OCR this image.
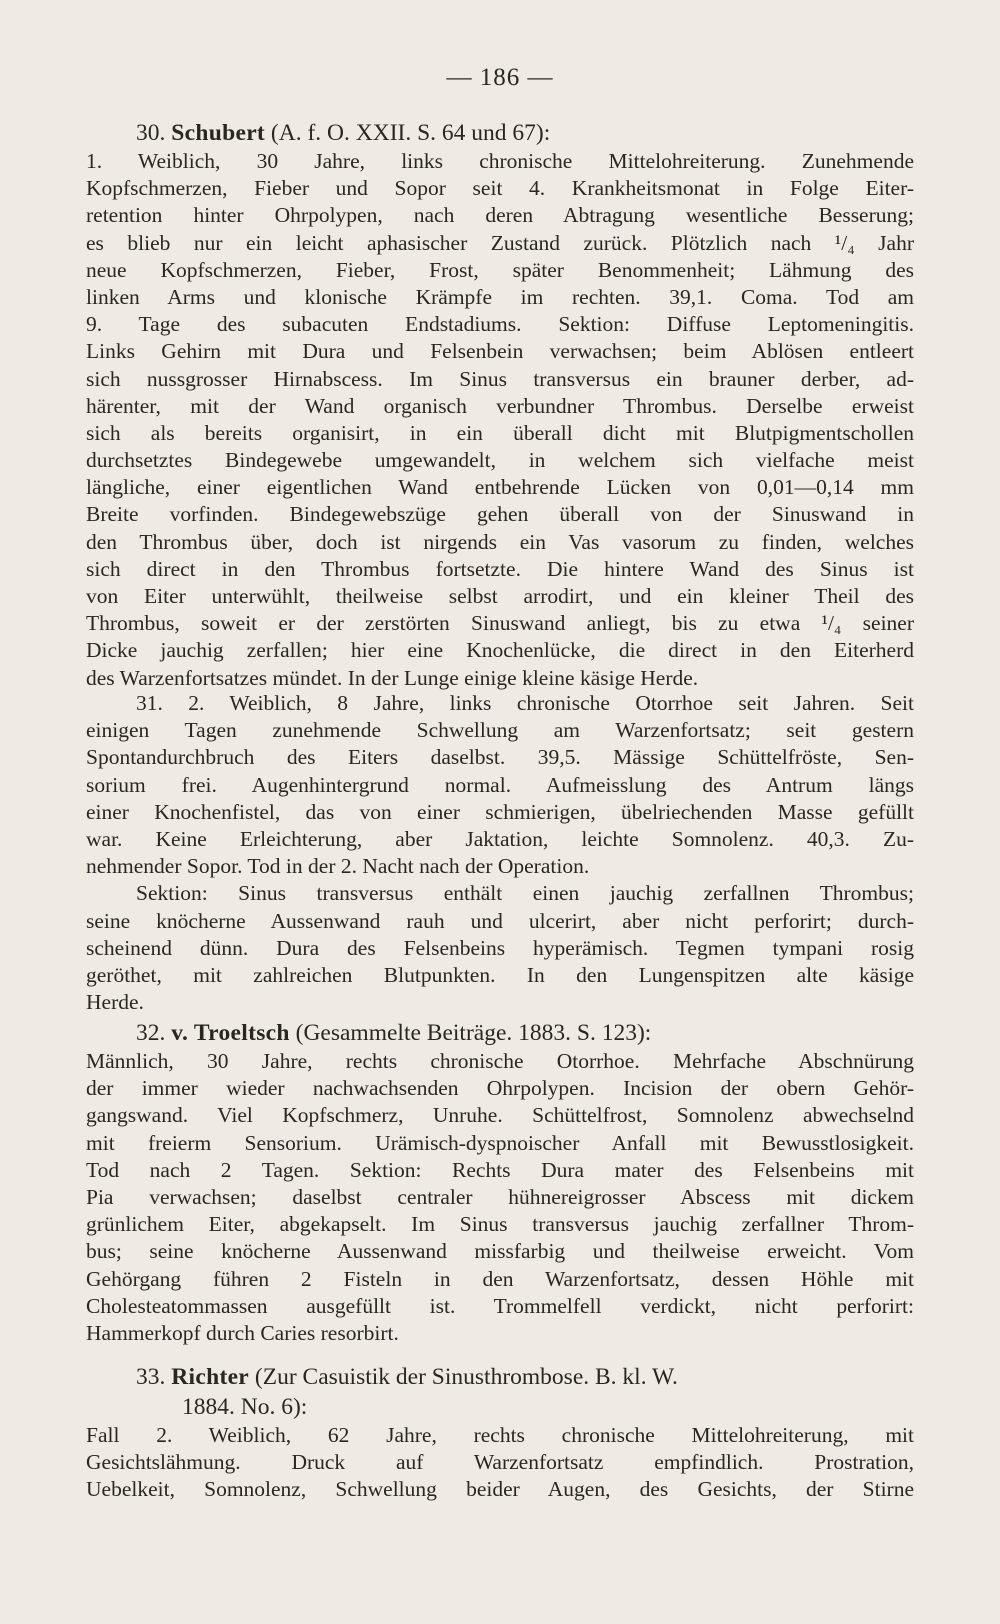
— 186 —
30. Schubert (A. f. O. XXII. S. 64 und 67):
1. Weiblich, 30 Jahre, links chronische Mittelohreiterung. Zunehmende
Kopfschmerzen, Fieber und Sopor seit 4. Krankheitsmonat in Folge Eiter-
retention hinter Ohrpolypen, nach deren Abtragung wesentliche Besserung;
es blieb nur ein leicht aphasischer Zustand zurück. Plötzlich nach ¹/₄ Jahr
neue Kopfschmerzen, Fieber, Frost, später Benommenheit; Lähmung des
linken Arms und klonische Krämpfe im rechten. 39,1. Coma. Tod am
9. Tage des subacuten Endstadiums. Sektion: Diffuse Leptomeningitis.
Links Gehirn mit Dura und Felsenbein verwachsen; beim Ablösen entleert
sich nussgrosser Hirnabscess. Im Sinus transversus ein brauner derber, ad-
härenter, mit der Wand organisch verbundner Thrombus. Derselbe erweist
sich als bereits organisirt, in ein überall dicht mit Blutpigmentschollen
durchsetztes Bindegewebe umgewandelt, in welchem sich vielfache meist
längliche, einer eigentlichen Wand entbehrende Lücken von 0,01—0,14 mm
Breite vorfinden. Bindegewebszüge gehen überall von der Sinuswand in
den Thrombus über, doch ist nirgends ein Vas vasorum zu finden, welches
sich direct in den Thrombus fortsetzte. Die hintere Wand des Sinus ist
von Eiter unterwühlt, theilweise selbst arrodirt, und ein kleiner Theil des
Thrombus, soweit er der zerstörten Sinuswand anliegt, bis zu etwa ¹/₄ seiner
Dicke jauchig zerfallen; hier eine Knochenlücke, die direct in den Eiterherd
des Warzenfortsatzes mündet. In der Lunge einige kleine käsige Herde.
31. 2. Weiblich, 8 Jahre, links chronische Otorrhoe seit Jahren. Seit
einigen Tagen zunehmende Schwellung am Warzenfortsatz; seit gestern
Spontandurchbruch des Eiters daselbst. 39,5. Mässige Schüttelfröste, Sen-
sorium frei. Augenhintergrund normal. Aufmeisslung des Antrum längs
einer Knochenfistel, das von einer schmierigen, übelriechenden Masse gefüllt
war. Keine Erleichterung, aber Jaktation, leichte Somnolenz. 40,3. Zu-
nehmender Sopor. Tod in der 2. Nacht nach der Operation.
Sektion: Sinus transversus enthält einen jauchig zerfallnen Thrombus;
seine knöcherne Aussenwand rauh und ulcerirt, aber nicht perforirt; durch-
scheinend dünn. Dura des Felsenbeins hyperämisch. Tegmen tympani rosig
geröthet, mit zahlreichen Blutpunkten. In den Lungenspitzen alte käsige
Herde.
32. v. Troeltsch (Gesammelte Beiträge. 1883. S. 123):
Männlich, 30 Jahre, rechts chronische Otorrhoe. Mehrfache Abschnürung
der immer wieder nachwachsenden Ohrpolypen. Incision der obern Gehör-
gangswand. Viel Kopfschmerz, Unruhe. Schüttelfrost, Somnolenz abwechselnd
mit freierm Sensorium. Urämisch-dyspnoischer Anfall mit Bewusstlosigkeit.
Tod nach 2 Tagen. Sektion: Rechts Dura mater des Felsenbeins mit
Pia verwachsen; daselbst centraler hühnereigrosser Abscess mit dickem
grünlichem Eiter, abgekapselt. Im Sinus transversus jauchig zerfallner Throm-
bus; seine knöcherne Aussenwand missfarbig und theilweise erweicht. Vom
Gehörgang führen 2 Fisteln in den Warzenfortsatz, dessen Höhle mit
Cholesteatommassen ausgefüllt ist. Trommelfell verdickt, nicht perforirt:
Hammerkopf durch Caries resorbirt.
33. Richter (Zur Casuistik der Sinusthrombose. B. kl. W.
1884. No. 6):
Fall 2. Weiblich, 62 Jahre, rechts chronische Mittelohreiterung, mit
Gesichtslähmung. Druck auf Warzenfortsatz empfindlich. Prostration,
Uebelkeit, Somnolenz, Schwellung beider Augen, des Gesichts, der Stirne
